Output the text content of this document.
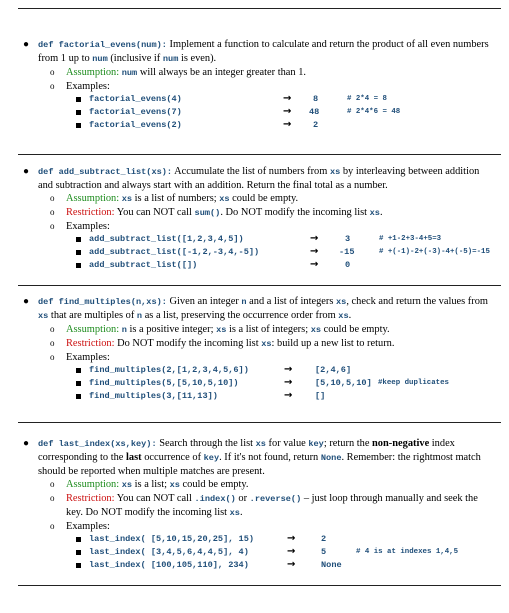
● def factorial_evens(num): Implement a function to calculate and return the product of all even numbers from 1 up to num (inclusive if num is even).
o Assumption: num will always be an integer greater than 1.
o Examples:
factorial_evens(4)	→	8	# 2*4 = 8
factorial_evens(7)	→ 48	# 2*4*6 = 48
factorial_evens(2)	→	2
● def add_subtract_list(xs): Accumulate the list of numbers from xs by interleaving between addition and subtraction and always start with an addition. Return the final total as a number.
o Assumption: xs is a list of numbers; xs could be empty.
o Restriction: You can NOT call sum(). Do NOT modify the incoming list xs.
o Examples:
add_subtract_list([1,2,3,4,5])	→	3	# +1-2+3-4+5=3
add_subtract_list([-1,2,-3,4,-5])	→ -15	# +(-1)-2+(-3)-4+(-5)=-15
add_subtract_list([])	→	0
● def find_multiples(n,xs): Given an integer n and a list of integers xs, check and return the values from xs that are multiples of n as a list, preserving the occurrence order from xs.
o Assumption: n is a positive integer; xs is a list of integers; xs could be empty.
o Restriction: Do NOT modify the incoming list xs: build up a new list to return.
o Examples:
find_multiples(2,[1,2,3,4,5,6])	→	[2,4,6]
find_multiples(5,[5,10,5,10])	→	[5,10,5,10] #keep duplicates
find_multiples(3,[11,13])	→	[]
● def last_index(xs,key): Search through the list xs for value key; return the non-negative index corresponding to the last occurrence of key. If it's not found, return None. Remember: the rightmost match should be reported when multiple matches are present.
o Assumption: xs is a list; xs could be empty.
o Restriction: You can NOT call .index() or .reverse() – just loop through manually and seek the key. Do NOT modify the incoming list xs.
o Examples:
last_index( [5,10,15,20,25], 15)	→	2
last_index( [3,4,5,6,4,4,5], 4)	→	5	# 4 is at indexes 1,4,5
last_index( [100,105,110], 234)	→	None
